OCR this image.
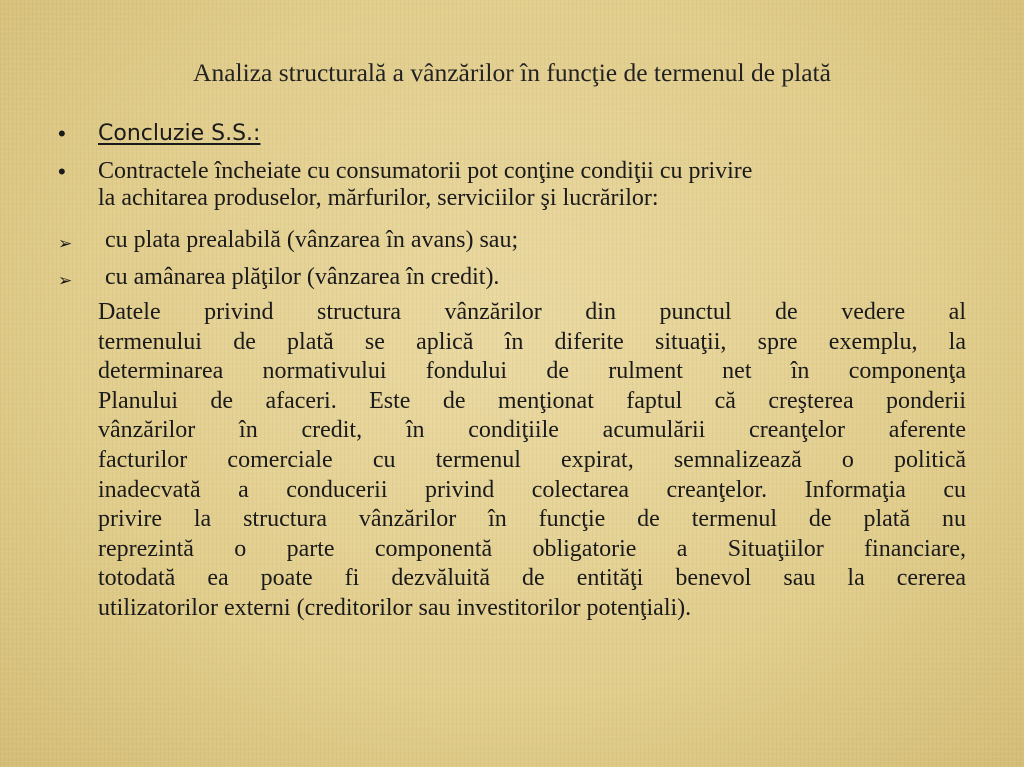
Analiza structurală a vânzărilor în funcţie de termenul de plată
•	Concluzie S.S.:
•	Contractele încheiate cu consumatorii pot conţine condiţii cu privire
la achitarea produselor, mărfurilor, serviciilor şi lucrărilor:
➢	cu plata prealabilă (vânzarea în avans) sau;
➢	cu amânarea plăţilor (vânzarea în credit).
Datele privind structura vânzărilor din punctul de vedere al
termenului de plată se aplică în diferite situaţii, spre exemplu, la
determinarea normativului fondului de rulment net în componenţa
Planului de afaceri. Este de menţionat faptul că creşterea ponderii
vânzărilor în credit, în condiţiile acumulării creanţelor aferente
facturilor comerciale cu termenul expirat, semnalizează o politică
inadecvată a conducerii privind colectarea creanţelor. Informaţia cu
privire la structura vânzărilor în funcţie de termenul de plată nu
reprezintă o parte componentă obligatorie a Situaţiilor financiare,
totodată ea poate fi dezvăluită de entităţi benevol sau la cererea
utilizatorilor externi (creditorilor sau investitorilor potenţiali).
